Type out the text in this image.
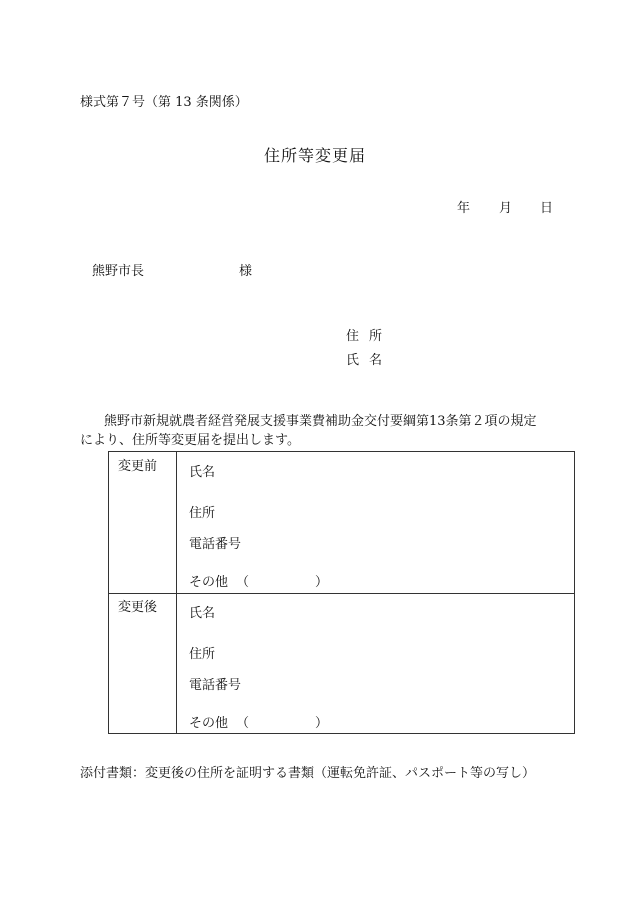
様式第７号（第 13 条関係）
住所等変更届
年 月 日
熊野市長	様
住所
氏名
熊野市新規就農者経営発展支援事業費補助金交付要綱第13条第２項の規定
により、住所等変更届を提出します。
変更前 氏名
住所
電話番号
その他 （	）
変更後 氏名
住所
電話番号
その他 （	）
添付書類：変更後の住所を証明する書類（運転免許証、パスポート等の写し）
